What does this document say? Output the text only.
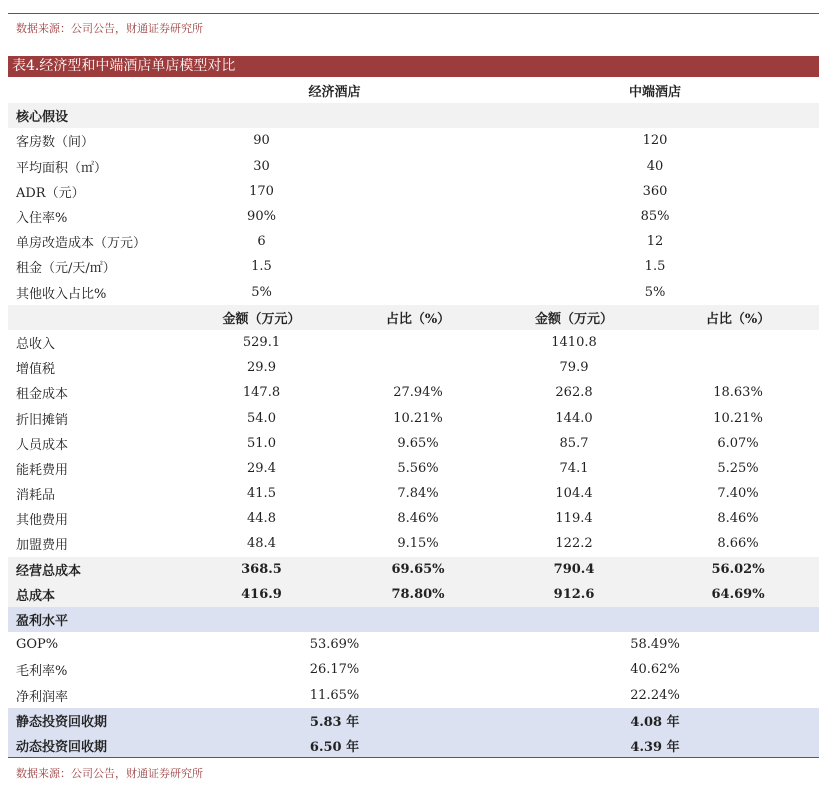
数据来源：公司公告，财通证券研究所
表4.经济型和中端酒店单店模型对比
	经济酒店		中端酒店	
核心假设				
客房数（间）	90		120	
平均面积（㎡）	30		40	
ADR（元）	170		360	
入住率%	90%		85%	
单房改造成本（万元）	6		12	
租金（元/天/㎡）	1.5		1.5	
其他收入占比%	5%		5%	
	金额（万元）	占比（%）	金额（万元）	占比（%）
总收入	529.1		1410.8	
增值税	29.9		79.9	
租金成本	147.8	27.94%	262.8	18.63%
折旧摊销	54.0	10.21%	144.0	10.21%
人员成本	51.0	9.65%	85.7	6.07%
能耗费用	29.4	5.56%	74.1	5.25%
消耗品	41.5	7.84%	104.4	7.40%
其他费用	44.8	8.46%	119.4	8.46%
加盟费用	48.4	9.15%	122.2	8.66%
经营总成本	368.5	69.65%	790.4	56.02%
总成本	416.9	78.80%	912.6	64.69%
盈利水平				
GOP%	53.69%		58.49%	
毛利率%	26.17%		40.62%	
净利润率	11.65%		22.24%	
静态投资回收期	5.83 年		4.08 年	
动态投资回收期	6.50 年		4.39 年	
数据来源：公司公告，财通证券研究所
